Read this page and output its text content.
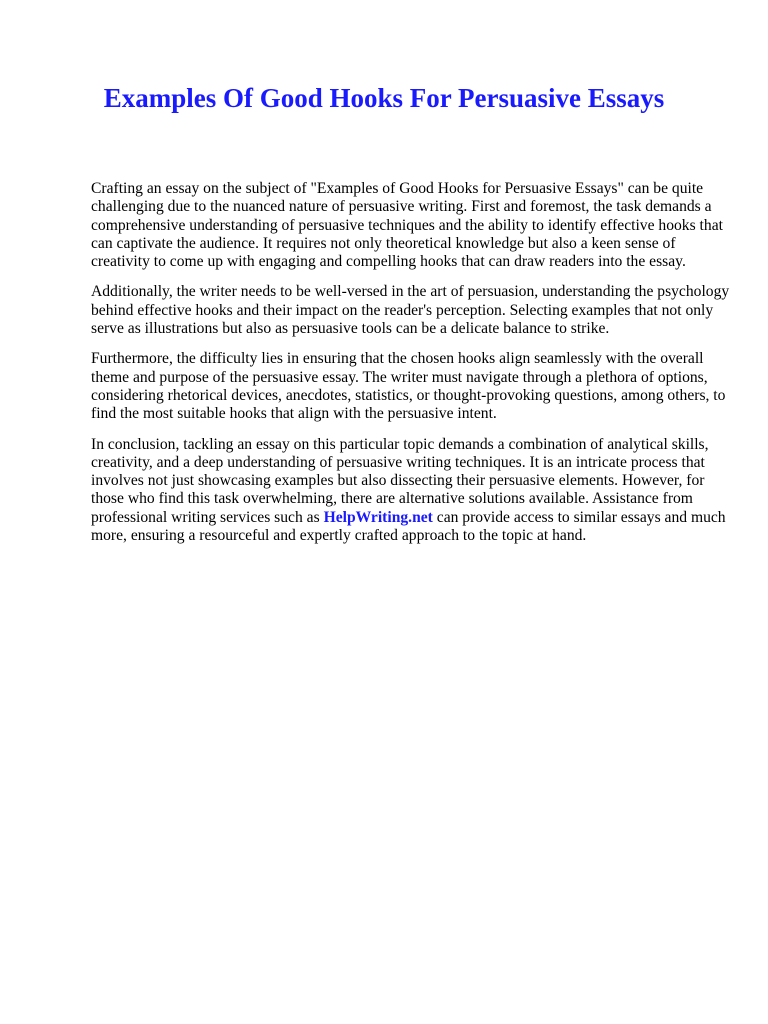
Examples Of Good Hooks For Persuasive Essays

Crafting an essay on the subject of "Examples of Good Hooks for Persuasive Essays" can be quite challenging due to the nuanced nature of persuasive writing. First and foremost, the task demands a comprehensive understanding of persuasive techniques and the ability to identify effective hooks that can captivate the audience. It requires not only theoretical knowledge but also a keen sense of creativity to come up with engaging and compelling hooks that can draw readers into the essay.

Additionally, the writer needs to be well-versed in the art of persuasion, understanding the psychology behind effective hooks and their impact on the reader's perception. Selecting examples that not only serve as illustrations but also as persuasive tools can be a delicate balance to strike.

Furthermore, the difficulty lies in ensuring that the chosen hooks align seamlessly with the overall theme and purpose of the persuasive essay. The writer must navigate through a plethora of options, considering rhetorical devices, anecdotes, statistics, or thought-provoking questions, among others, to find the most suitable hooks that align with the persuasive intent.

In conclusion, tackling an essay on this particular topic demands a combination of analytical skills, creativity, and a deep understanding of persuasive writing techniques. It is an intricate process that involves not just showcasing examples but also dissecting their persuasive elements. However, for those who find this task overwhelming, there are alternative solutions available. Assistance from professional writing services such as HelpWriting.net can provide access to similar essays and much more, ensuring a resourceful and expertly crafted approach to the topic at hand.
